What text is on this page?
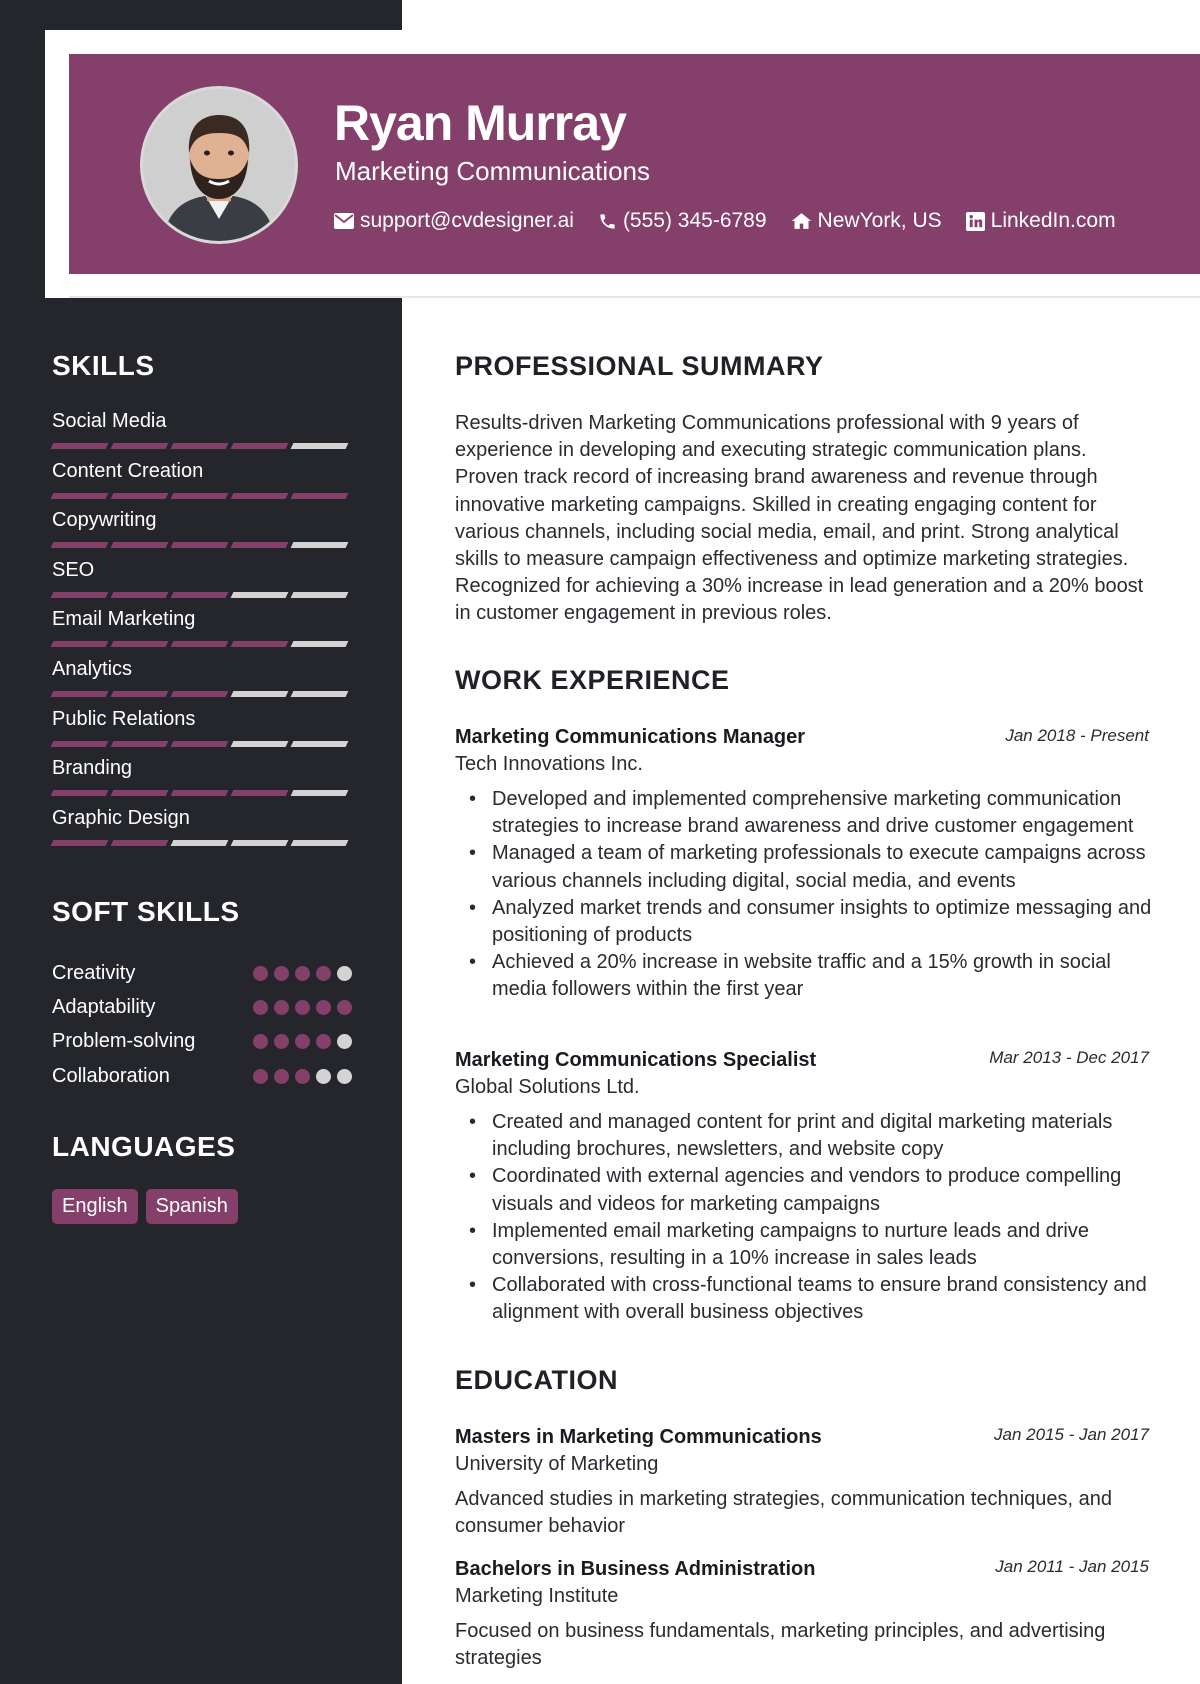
Ryan Murray
Marketing Communications
support@cvdesigner.ai (555) 345-6789 NewYork, US LinkedIn.com
SKILLS
Social Media
Content Creation
Copywriting
SEO
Email Marketing
Analytics
Public Relations
Branding
Graphic Design
SOFT SKILLS
Creativity
Adaptability
Problem-solving
Collaboration
LANGUAGES
English	Spanish
PROFESSIONAL SUMMARY
Results-driven Marketing Communications professional with 9 years of experience in developing and executing strategic communication plans. Proven track record of increasing brand awareness and revenue through innovative marketing campaigns. Skilled in creating engaging content for various channels, including social media, email, and print. Strong analytical skills to measure campaign effectiveness and optimize marketing strategies. Recognized for achieving a 30% increase in lead generation and a 20% boost in customer engagement in previous roles.
WORK EXPERIENCE
Marketing Communications Manager	Jan 2018 - Present
Tech Innovations Inc.
• Developed and implemented comprehensive marketing communication strategies to increase brand awareness and drive customer engagement
• Managed a team of marketing professionals to execute campaigns across various channels including digital, social media, and events
• Analyzed market trends and consumer insights to optimize messaging and positioning of products
• Achieved a 20% increase in website traffic and a 15% growth in social media followers within the first year
Marketing Communications Specialist	Mar 2013 - Dec 2017
Global Solutions Ltd.
• Created and managed content for print and digital marketing materials including brochures, newsletters, and website copy
• Coordinated with external agencies and vendors to produce compelling visuals and videos for marketing campaigns
• Implemented email marketing campaigns to nurture leads and drive conversions, resulting in a 10% increase in sales leads
• Collaborated with cross-functional teams to ensure brand consistency and alignment with overall business objectives
EDUCATION
Masters in Marketing Communications	Jan 2015 - Jan 2017
University of Marketing
Advanced studies in marketing strategies, communication techniques, and consumer behavior
Bachelors in Business Administration	Jan 2011 - Jan 2015
Marketing Institute
Focused on business fundamentals, marketing principles, and advertising strategies
